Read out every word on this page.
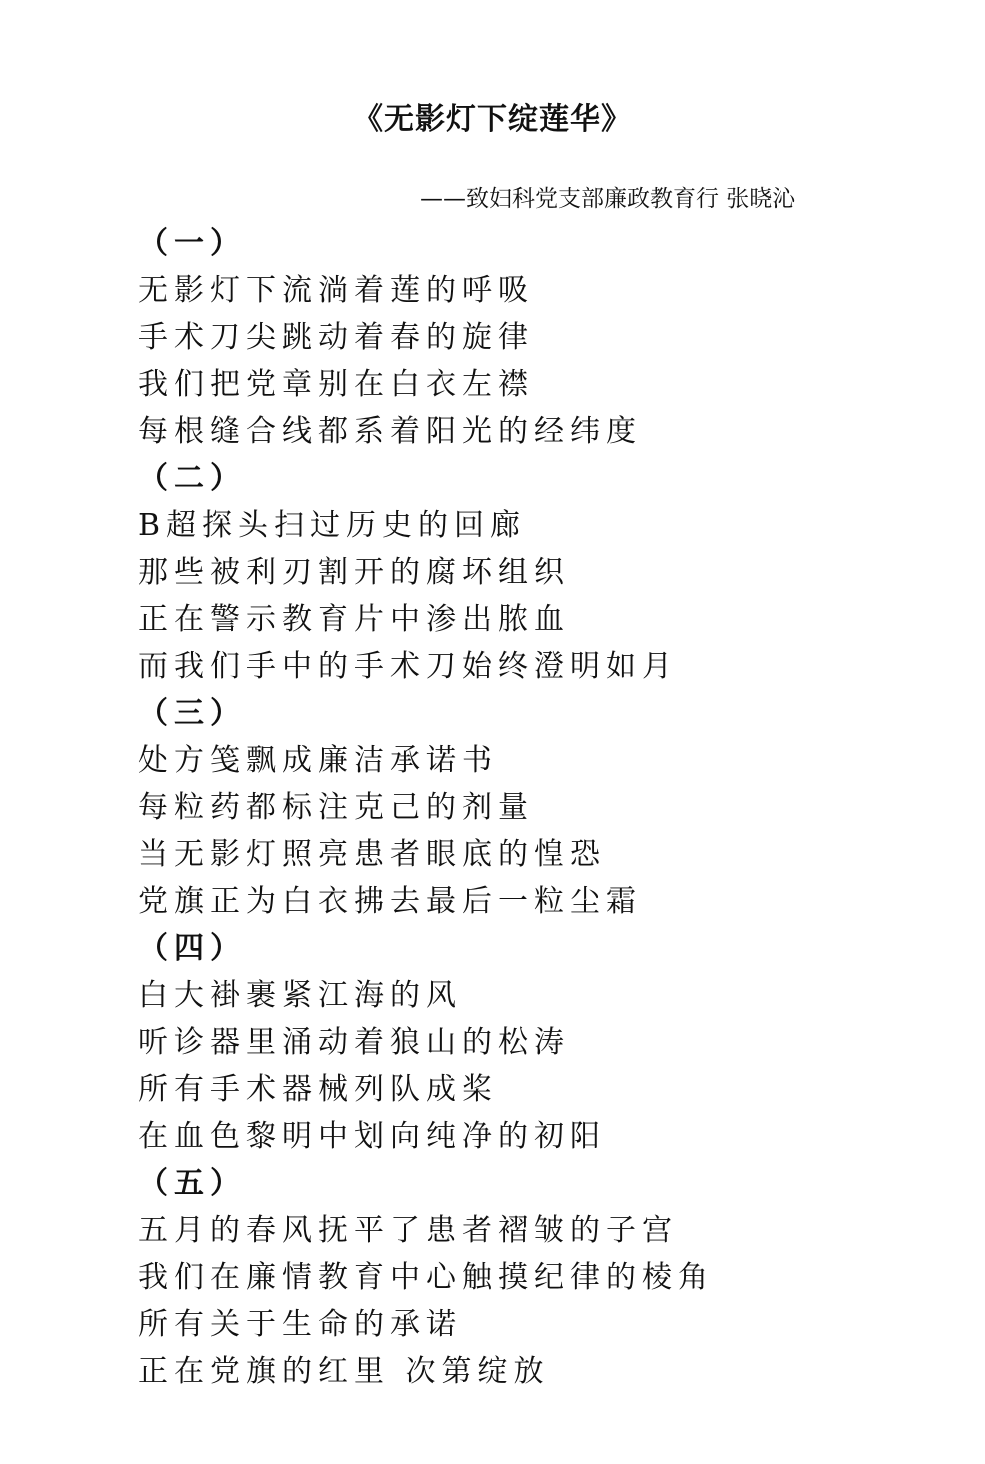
《无影灯下绽莲华》
——致妇科党支部廉政教育行 张晓沁
（一）
无影灯下流淌着莲的呼吸
手术刀尖跳动着春的旋律
我们把党章别在白衣左襟
每根缝合线都系着阳光的经纬度
（二）
B超探头扫过历史的回廊
那些被利刃割开的腐坏组织
正在警示教育片中渗出脓血
而我们手中的手术刀始终澄明如月
（三）
处方笺飘成廉洁承诺书
每粒药都标注克己的剂量
当无影灯照亮患者眼底的惶恐
党旗正为白衣拂去最后一粒尘霜
（四）
白大褂裹紧江海的风
听诊器里涌动着狼山的松涛
所有手术器械列队成桨
在血色黎明中划向纯净的初阳
（五）
五月的春风抚平了患者褶皱的子宫
我们在廉情教育中心触摸纪律的棱角
所有关于生命的承诺
正在党旗的红里 次第绽放
